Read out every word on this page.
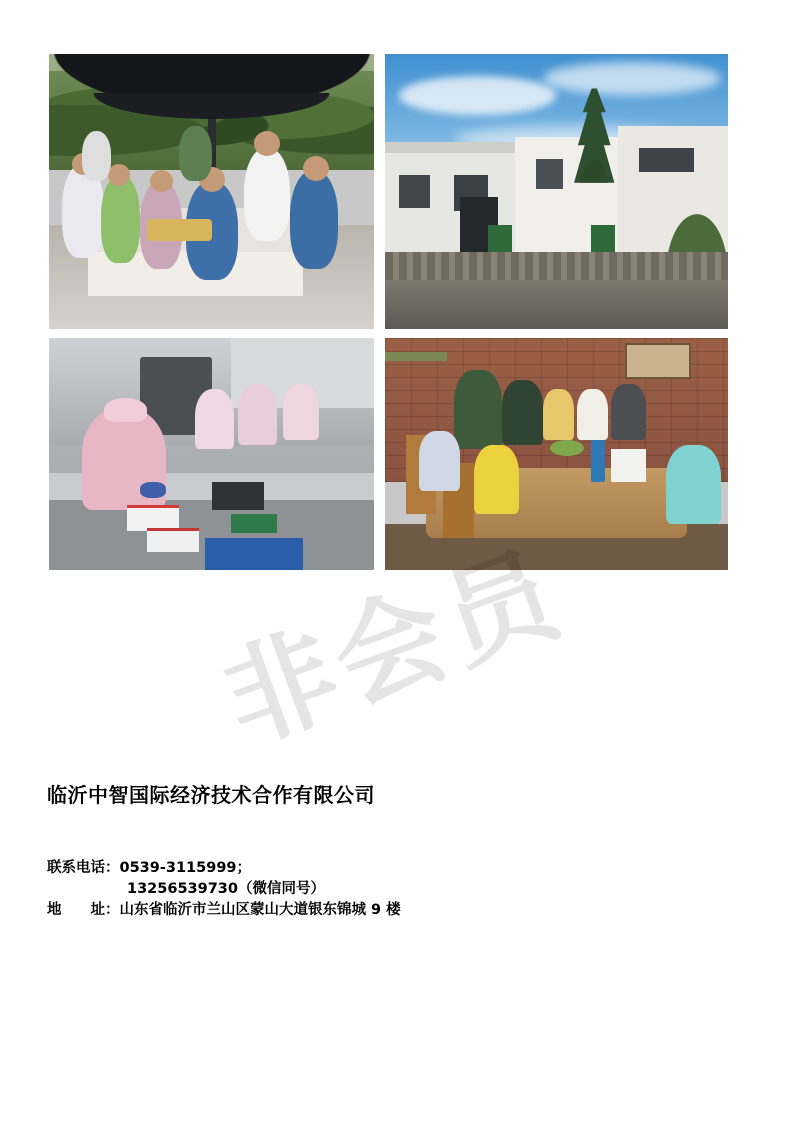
非会员
临沂中智国际经济技术合作有限公司
联系电话：0539-3115999；
13256539730（微信同号）
地　　址：山东省临沂市兰山区蒙山大道银东锦城 9 楼
